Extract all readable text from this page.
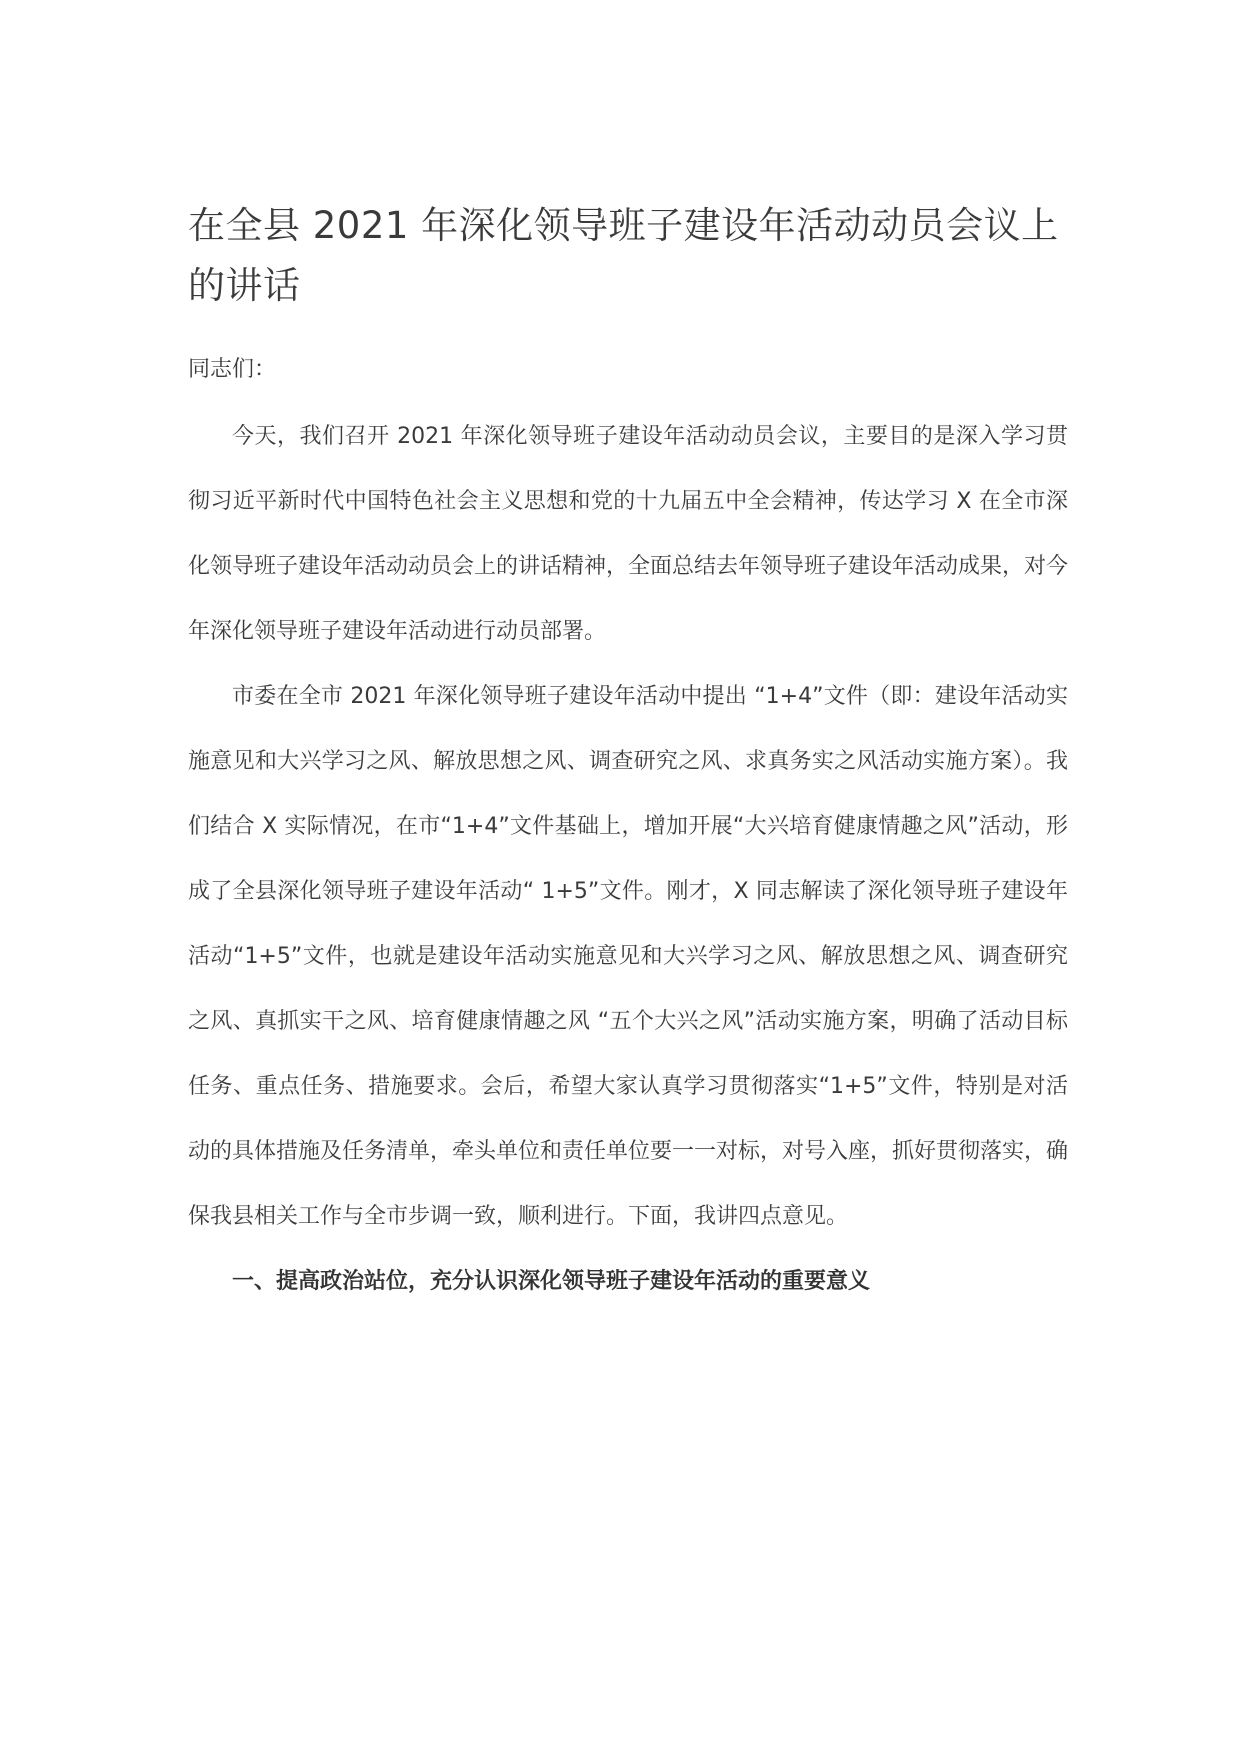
在全县 2021 年深化领导班子建设年活动动员会议上的讲话

同志们：

今天，我们召开 2021 年深化领导班子建设年活动动员会议，主要目的是深入学习贯彻习近平新时代中国特色社会主义思想和党的十九届五中全会精神，传达学习 X 在全市深化领导班子建设年活动动员会上的讲话精神，全面总结去年领导班子建设年活动成果，对今年深化领导班子建设年活动进行动员部署。

市委在全市 2021 年深化领导班子建设年活动中提出 “1+4”文件（即：建设年活动实施意见和大兴学习之风、解放思想之风、调查研究之风、求真务实之风活动实施方案）。我们结合 X 实际情况，在市“1+4”文件基础上，增加开展“大兴培育健康情趣之风”活动，形成了全县深化领导班子建设年活动“ 1+5”文件。刚才，X 同志解读了深化领导班子建设年活动“1+5”文件，也就是建设年活动实施意见和大兴学习之风、解放思想之风、调查研究之风、真抓实干之风、培育健康情趣之风 “五个大兴之风”活动实施方案，明确了活动目标任务、重点任务、措施要求。会后，希望大家认真学习贯彻落实“1+5”文件，特别是对活动的具体措施及任务清单，牵头单位和责任单位要一一对标，对号入座，抓好贯彻落实，确保我县相关工作与全市步调一致，顺利进行。下面，我讲四点意见。

一、提高政治站位，充分认识深化领导班子建设年活动的重要意义
